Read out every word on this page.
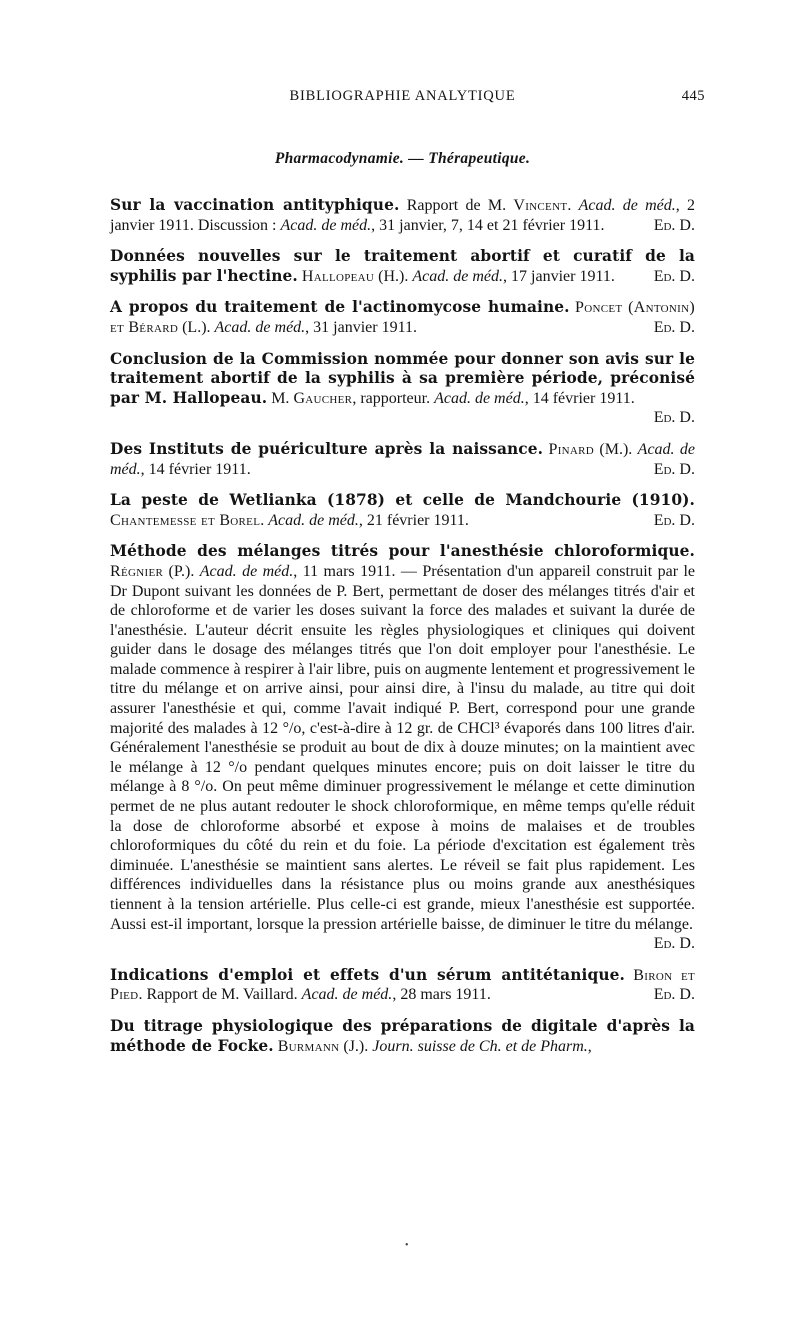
BIBLIOGRAPHIE ANALYTIQUE	445
Pharmacodynamie. — Thérapeutique.

Sur la vaccination antityphique. Rapport de M. Vincent. Acad. de méd., 2 janvier 1911. Discussion : Acad. de méd., 31 janvier, 7, 14 et 21 février 1911.	Ed. D.

Données nouvelles sur le traitement abortif et curatif de la syphilis par l'hectine. Hallopeau (H.). Acad. de méd., 17 janvier 1911. Ed. D.

A propos du traitement de l'actinomycose humaine. Poncet (Antonin) et Bérard (L.). Acad. de méd., 31 janvier 1911.	Ed. D.

Conclusion de la Commission nommée pour donner son avis sur le traitement abortif de la syphilis à sa première période, préconisé par M. Hallopeau. M. Gaucher, rapporteur. Acad. de méd., 14 février 1911.
Ed. D.

Des Instituts de puériculture après la naissance. Pinard (M.). Acad. de méd., 14 février 1911.	Ed. D.

La peste de Wetlianka (1878) et celle de Mandchourie (1910). Chantemesse et Borel. Acad. de méd., 21 février 1911.	Ed. D.

Méthode des mélanges titrés pour l'anesthésie chloroformique. Régnier (P.). Acad. de méd., 11 mars 1911. — Présentation d'un appareil construit par le Dr Dupont suivant les données de P. Bert, permettant de doser des mélanges titrés d'air et de chloroforme et de varier les doses suivant la force des malades et suivant la durée de l'anesthésie. L'auteur décrit ensuite les règles physiologiques et cliniques qui doivent guider dans le dosage des mélanges titrés que l'on doit employer pour l'anesthésie. Le malade commence à respirer à l'air libre, puis on augmente lentement et progressivement le titre du mélange et on arrive ainsi, pour ainsi dire, à l'insu du malade, au titre qui doit assurer l'anesthésie et qui, comme l'avait indiqué P. Bert, correspond pour une grande majorité des malades à 12 °/o, c'est-à-dire à 12 gr. de CHCl³ évaporés dans 100 litres d'air. Généralement l'anesthésie se produit au bout de dix à douze minutes; on la maintient avec le mélange à 12 °/o pendant quelques minutes encore; puis on doit laisser le titre du mélange à 8 °/o. On peut même diminuer progressivement le mélange et cette diminution permet de ne plus autant redouter le shock chloroformique, en même temps qu'elle réduit la dose de chloroforme absorbé et expose à moins de malaises et de troubles chloroformiques du côté du rein et du foie. La période d'excitation est également très diminuée. L'anesthésie se maintient sans alertes. Le réveil se fait plus rapidement. Les différences individuelles dans la résistance plus ou moins grande aux anesthésiques tiennent à la tension artérielle. Plus celle-ci est grande, mieux l'anesthésie est supportée. Aussi est-il important, lorsque la pression artérielle baisse, de diminuer le titre du mélange.
Ed. D.

Indications d'emploi et effets d'un sérum antitétanique. Biron et Pied. Rapport de M. Vaillard. Acad. de méd., 28 mars 1911.	Ed. D.

Du titrage physiologique des préparations de digitale d'après la méthode de Focke. Burmann (J.). Journ. suisse de Ch. et de Pharm.,

•
